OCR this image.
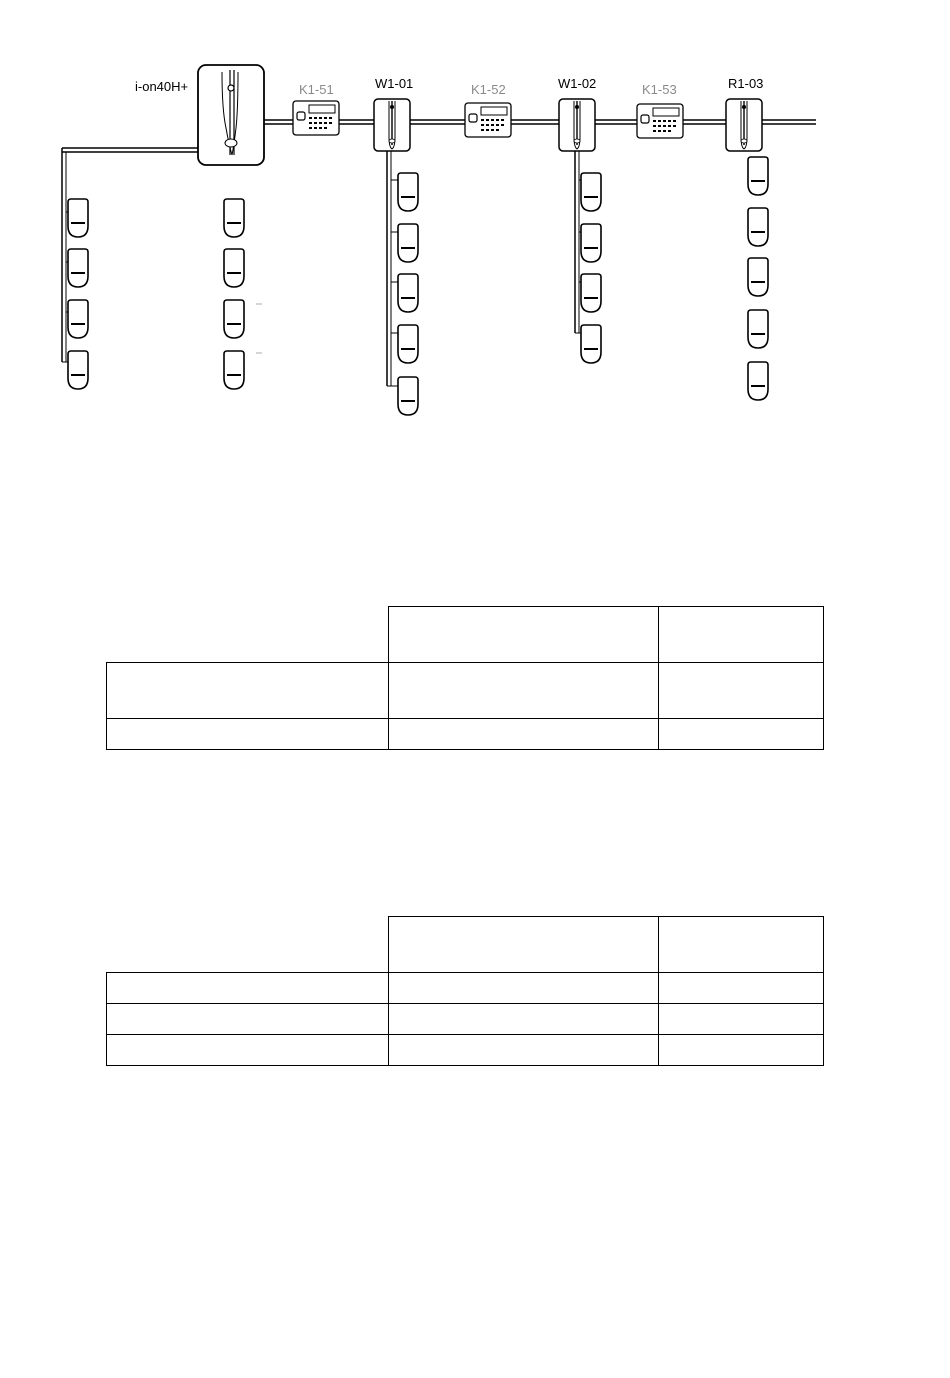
i-on40H+	K1-51	W1-01	K1-52	W1-02	K1-53	R1-03
